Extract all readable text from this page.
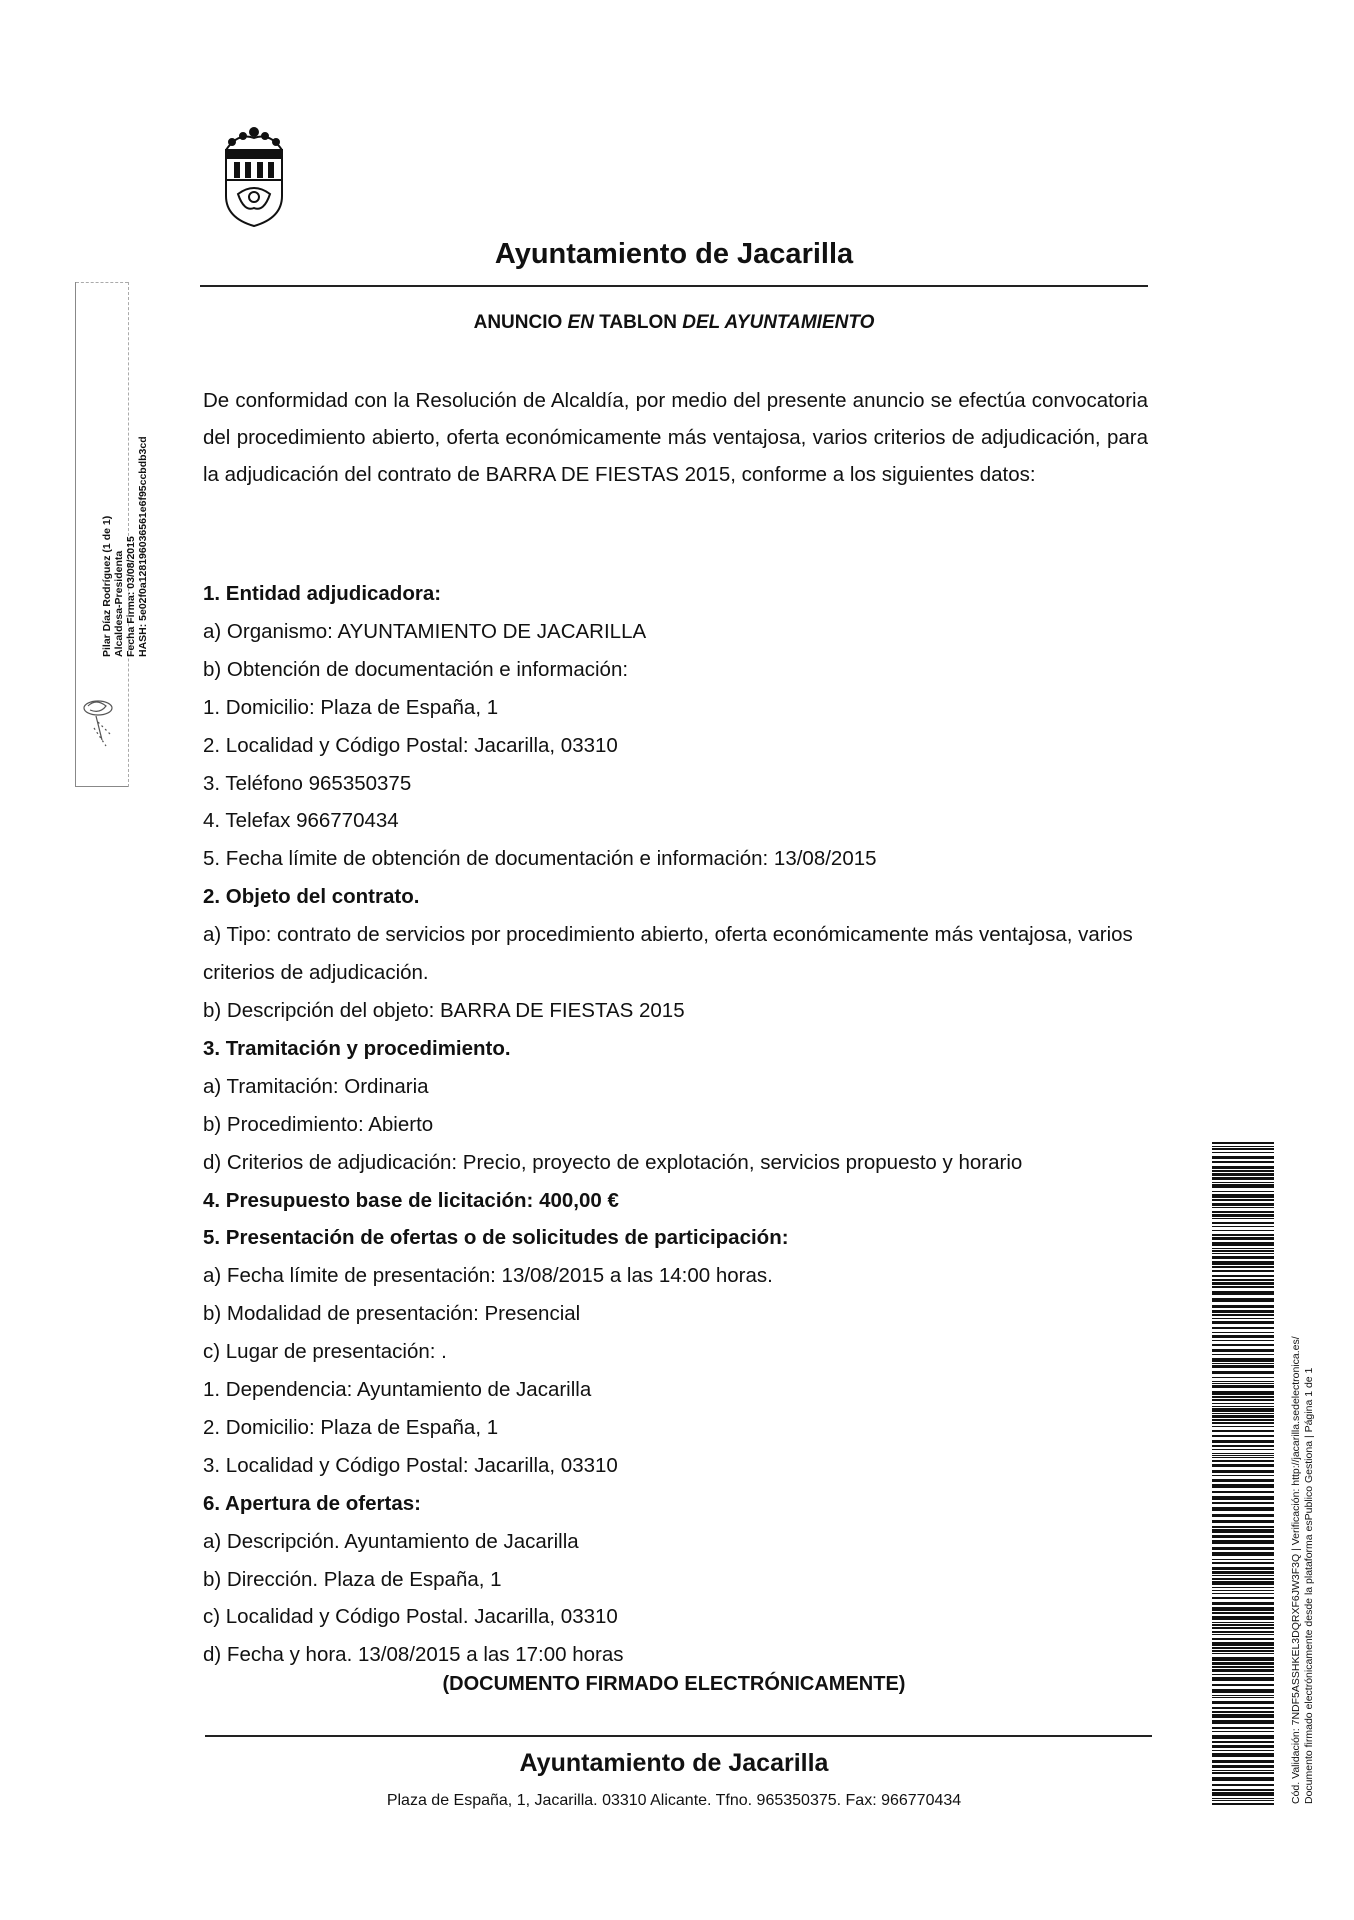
Ayuntamiento de Jacarilla
ANUNCIO EN TABLON DEL AYUNTAMIENTO
De conformidad con la Resolución de Alcaldía, por medio del presente anuncio se efectúa convocatoria del procedimiento abierto, oferta económicamente más ventajosa, varios criterios de adjudicación, para la adjudicación del contrato de BARRA DE FIESTAS 2015, conforme a los siguientes datos:
1. Entidad adjudicadora:
a) Organismo: AYUNTAMIENTO DE JACARILLA
b) Obtención de documentación e información:
1. Domicilio: Plaza de España, 1
2. Localidad y Código Postal: Jacarilla, 03310
3. Teléfono 965350375
4. Telefax 966770434
5. Fecha límite de obtención de documentación e información: 13/08/2015
2. Objeto del contrato.
a) Tipo: contrato de servicios por procedimiento abierto, oferta económicamente más ventajosa, varios criterios de adjudicación.
b) Descripción del objeto: BARRA DE FIESTAS 2015
3. Tramitación y procedimiento.
a) Tramitación: Ordinaria
b) Procedimiento: Abierto
d) Criterios de adjudicación: Precio, proyecto de explotación, servicios propuesto y horario
4. Presupuesto base de licitación: 400,00 €
5. Presentación de ofertas o de solicitudes de participación:
a) Fecha límite de presentación: 13/08/2015 a las 14:00 horas.
b) Modalidad de presentación: Presencial
c) Lugar de presentación: .
1. Dependencia: Ayuntamiento de Jacarilla
2. Domicilio: Plaza de España, 1
3. Localidad y Código Postal: Jacarilla, 03310
6. Apertura de ofertas:
a) Descripción. Ayuntamiento de Jacarilla
b) Dirección. Plaza de España, 1
c) Localidad y Código Postal. Jacarilla, 03310
d) Fecha y hora. 13/08/2015 a las 17:00 horas
(DOCUMENTO FIRMADO ELECTRÓNICAMENTE)
Ayuntamiento de Jacarilla
Plaza de España, 1, Jacarilla. 03310 Alicante. Tfno. 965350375. Fax: 966770434
Pilar Díaz Rodríguez (1 de 1) Alcaldesa-Presidenta Fecha Firma: 03/08/2015 HASH: 5e02f0a128196036561e6f95ccbdb3cd
Cód. Validación: 7NDF5ASSHKEL3DQRXF6JW3F3Q | Verificación: http://jacarilla.sedelectronica.es/ Documento firmado electrónicamente desde la plataforma esPublico Gestiona | Página 1 de 1
